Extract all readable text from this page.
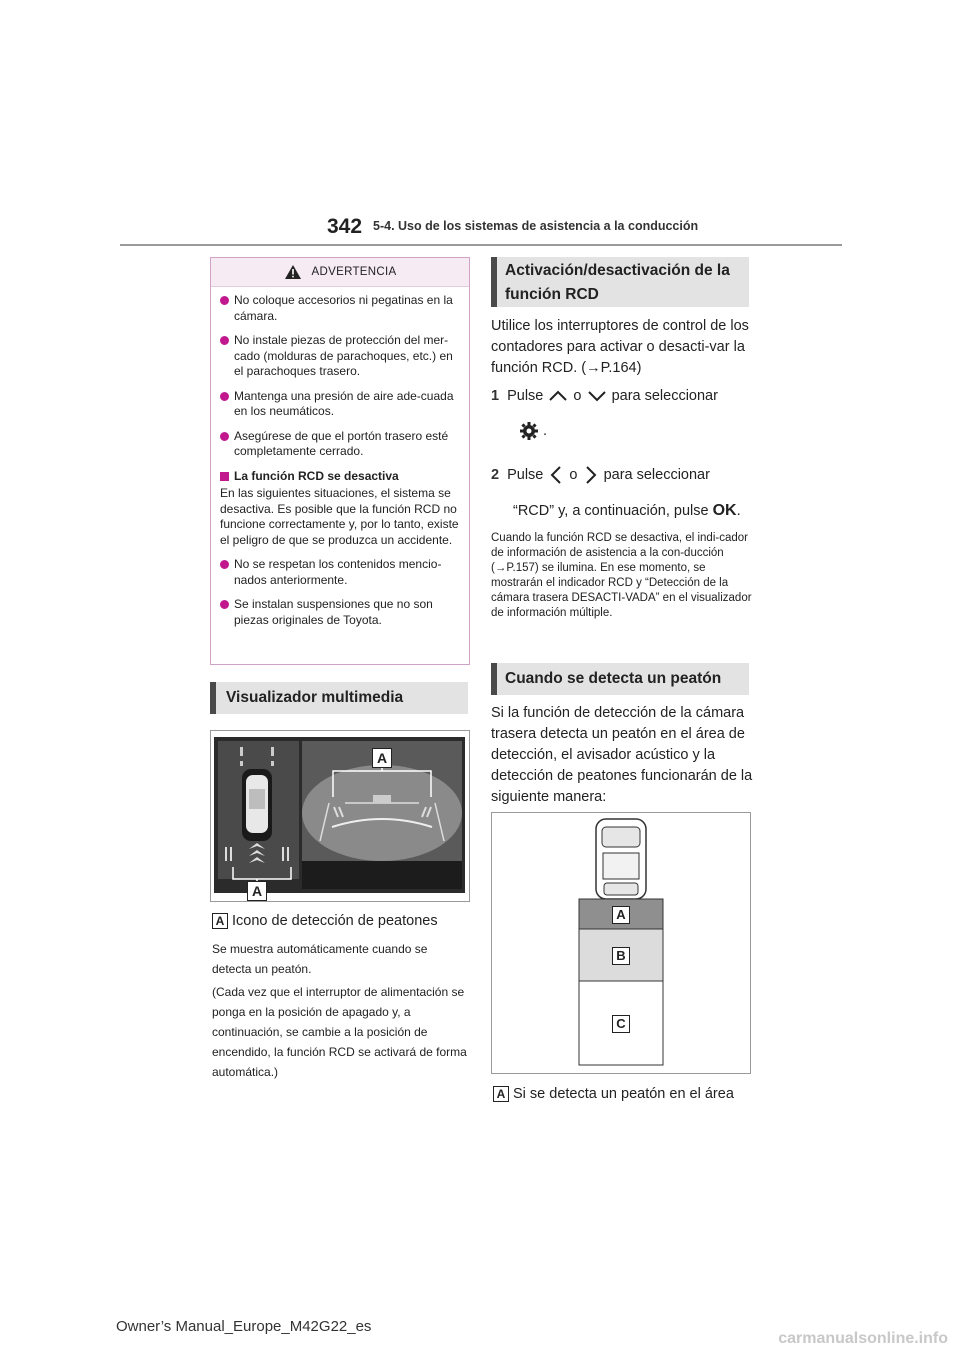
342 5-4. Uso de los sistemas de asistencia a la conducción
ADVERTENCIA
No coloque accesorios ni pegatinas en la cámara.
No instale piezas de protección del mer-cado (molduras de parachoques, etc.) en el parachoques trasero.
Mantenga una presión de aire ade-cuada en los neumáticos.
Asegúrese de que el portón trasero esté completamente cerrado.
La función RCD se desactiva
En las siguientes situaciones, el sistema se desactiva. Es posible que la función RCD no funcione correctamente y, por lo tanto, existe el peligro de que se produzca un accidente.
No se respetan los contenidos mencio-nados anteriormente.
Se instalan suspensiones que no son piezas originales de Toyota.
Visualizador multimedia
A
A
A Icono de detección de peatones
Se muestra automáticamente cuando se detecta un peatón.
(Cada vez que el interruptor de alimentación se ponga en la posición de apagado y, a continuación, se cambie a la posición de encendido, la función RCD se activará de forma automática.)
Activación/desactivación de la función RCD
Utilice los interruptores de control de los contadores para activar o desacti-var la función RCD. (→P.164)
1 Pulse o para seleccionar
.
2 Pulse o para seleccionar
“RCD” y, a continuación, pulse OK.
Cuando la función RCD se desactiva, el indi-cador de información de asistencia a la con-ducción (→P.157) se ilumina. En ese momento, se mostrarán el indicador RCD y “Detección de la cámara trasera DESACTI-VADA” en el visualizador de información múltiple.
Cuando se detecta un peatón
Si la función de detección de la cámara trasera detecta un peatón en el área de detección, el avisador acústico y la detección de peatones funcionarán de la siguiente manera:
A
B
C
A Si se detecta un peatón en el área
Owner’s Manual_Europe_M42G22_es
carmanualsonline.info
